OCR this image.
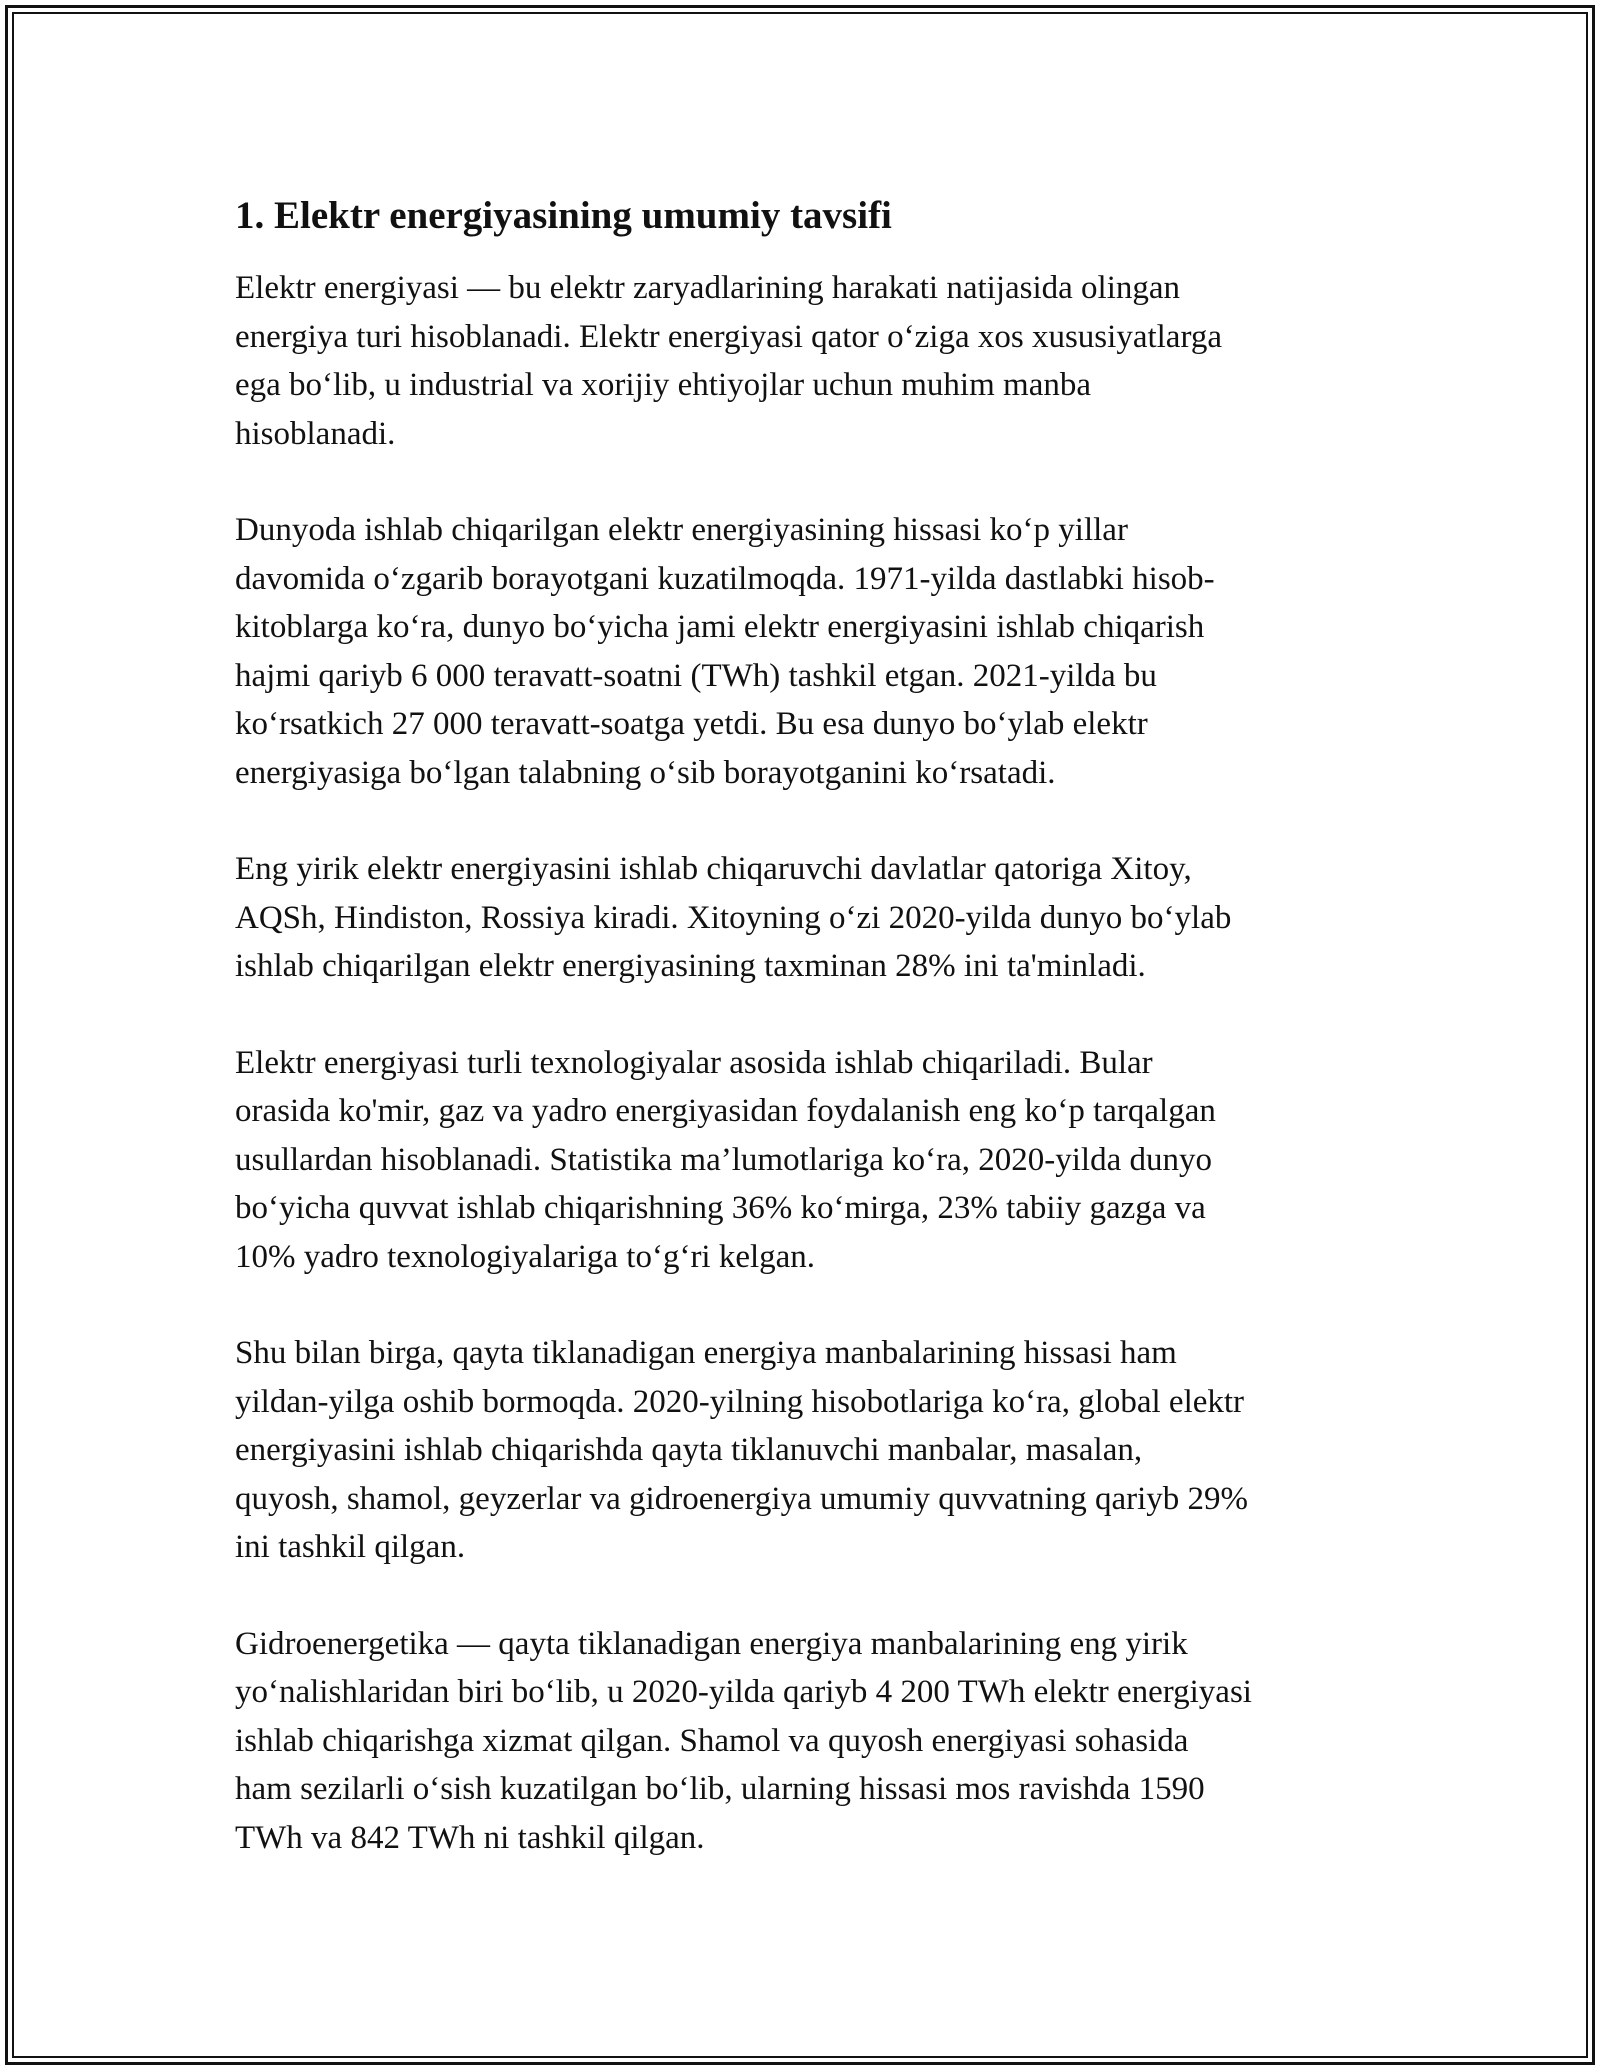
1. Elektr energiyasining umumiy tavsifi

Elektr energiyasi — bu elektr zaryadlarining harakati natijasida olingan
energiya turi hisoblanadi. Elektr energiyasi qator o‘ziga xos xususiyatlarga
ega bo‘lib, u industrial va xorijiy ehtiyojlar uchun muhim manba
hisoblanadi.

Dunyoda ishlab chiqarilgan elektr energiyasining hissasi ko‘p yillar
davomida o‘zgarib borayotgani kuzatilmoqda. 1971-yilda dastlabki hisob-
kitoblarga ko‘ra, dunyo bo‘yicha jami elektr energiyasini ishlab chiqarish
hajmi qariyb 6 000 teravatt-soatni (TWh) tashkil etgan. 2021-yilda bu
ko‘rsatkich 27 000 teravatt-soatga yetdi. Bu esa dunyo bo‘ylab elektr
energiyasiga bo‘lgan talabning o‘sib borayotganini ko‘rsatadi.

Eng yirik elektr energiyasini ishlab chiqaruvchi davlatlar qatoriga Xitoy,
AQSh, Hindiston, Rossiya kiradi. Xitoyning o‘zi 2020-yilda dunyo bo‘ylab
ishlab chiqarilgan elektr energiyasining taxminan 28% ini ta'minladi.

Elektr energiyasi turli texnologiyalar asosida ishlab chiqariladi. Bular
orasida ko'mir, gaz va yadro energiyasidan foydalanish eng ko‘p tarqalgan
usullardan hisoblanadi. Statistika ma’lumotlariga ko‘ra, 2020-yilda dunyo
bo‘yicha quvvat ishlab chiqarishning 36% ko‘mirga, 23% tabiiy gazga va
10% yadro texnologiyalariga to‘g‘ri kelgan.

Shu bilan birga, qayta tiklanadigan energiya manbalarining hissasi ham
yildan-yilga oshib bormoqda. 2020-yilning hisobotlariga ko‘ra, global elektr
energiyasini ishlab chiqarishda qayta tiklanuvchi manbalar, masalan,
quyosh, shamol, geyzerlar va gidroenergiya umumiy quvvatning qariyb 29%
ini tashkil qilgan.

Gidroenergetika — qayta tiklanadigan energiya manbalarining eng yirik
yo‘nalishlaridan biri bo‘lib, u 2020-yilda qariyb 4 200 TWh elektr energiyasi
ishlab chiqarishga xizmat qilgan. Shamol va quyosh energiyasi sohasida
ham sezilarli o‘sish kuzatilgan bo‘lib, ularning hissasi mos ravishda 1590
TWh va 842 TWh ni tashkil qilgan.
